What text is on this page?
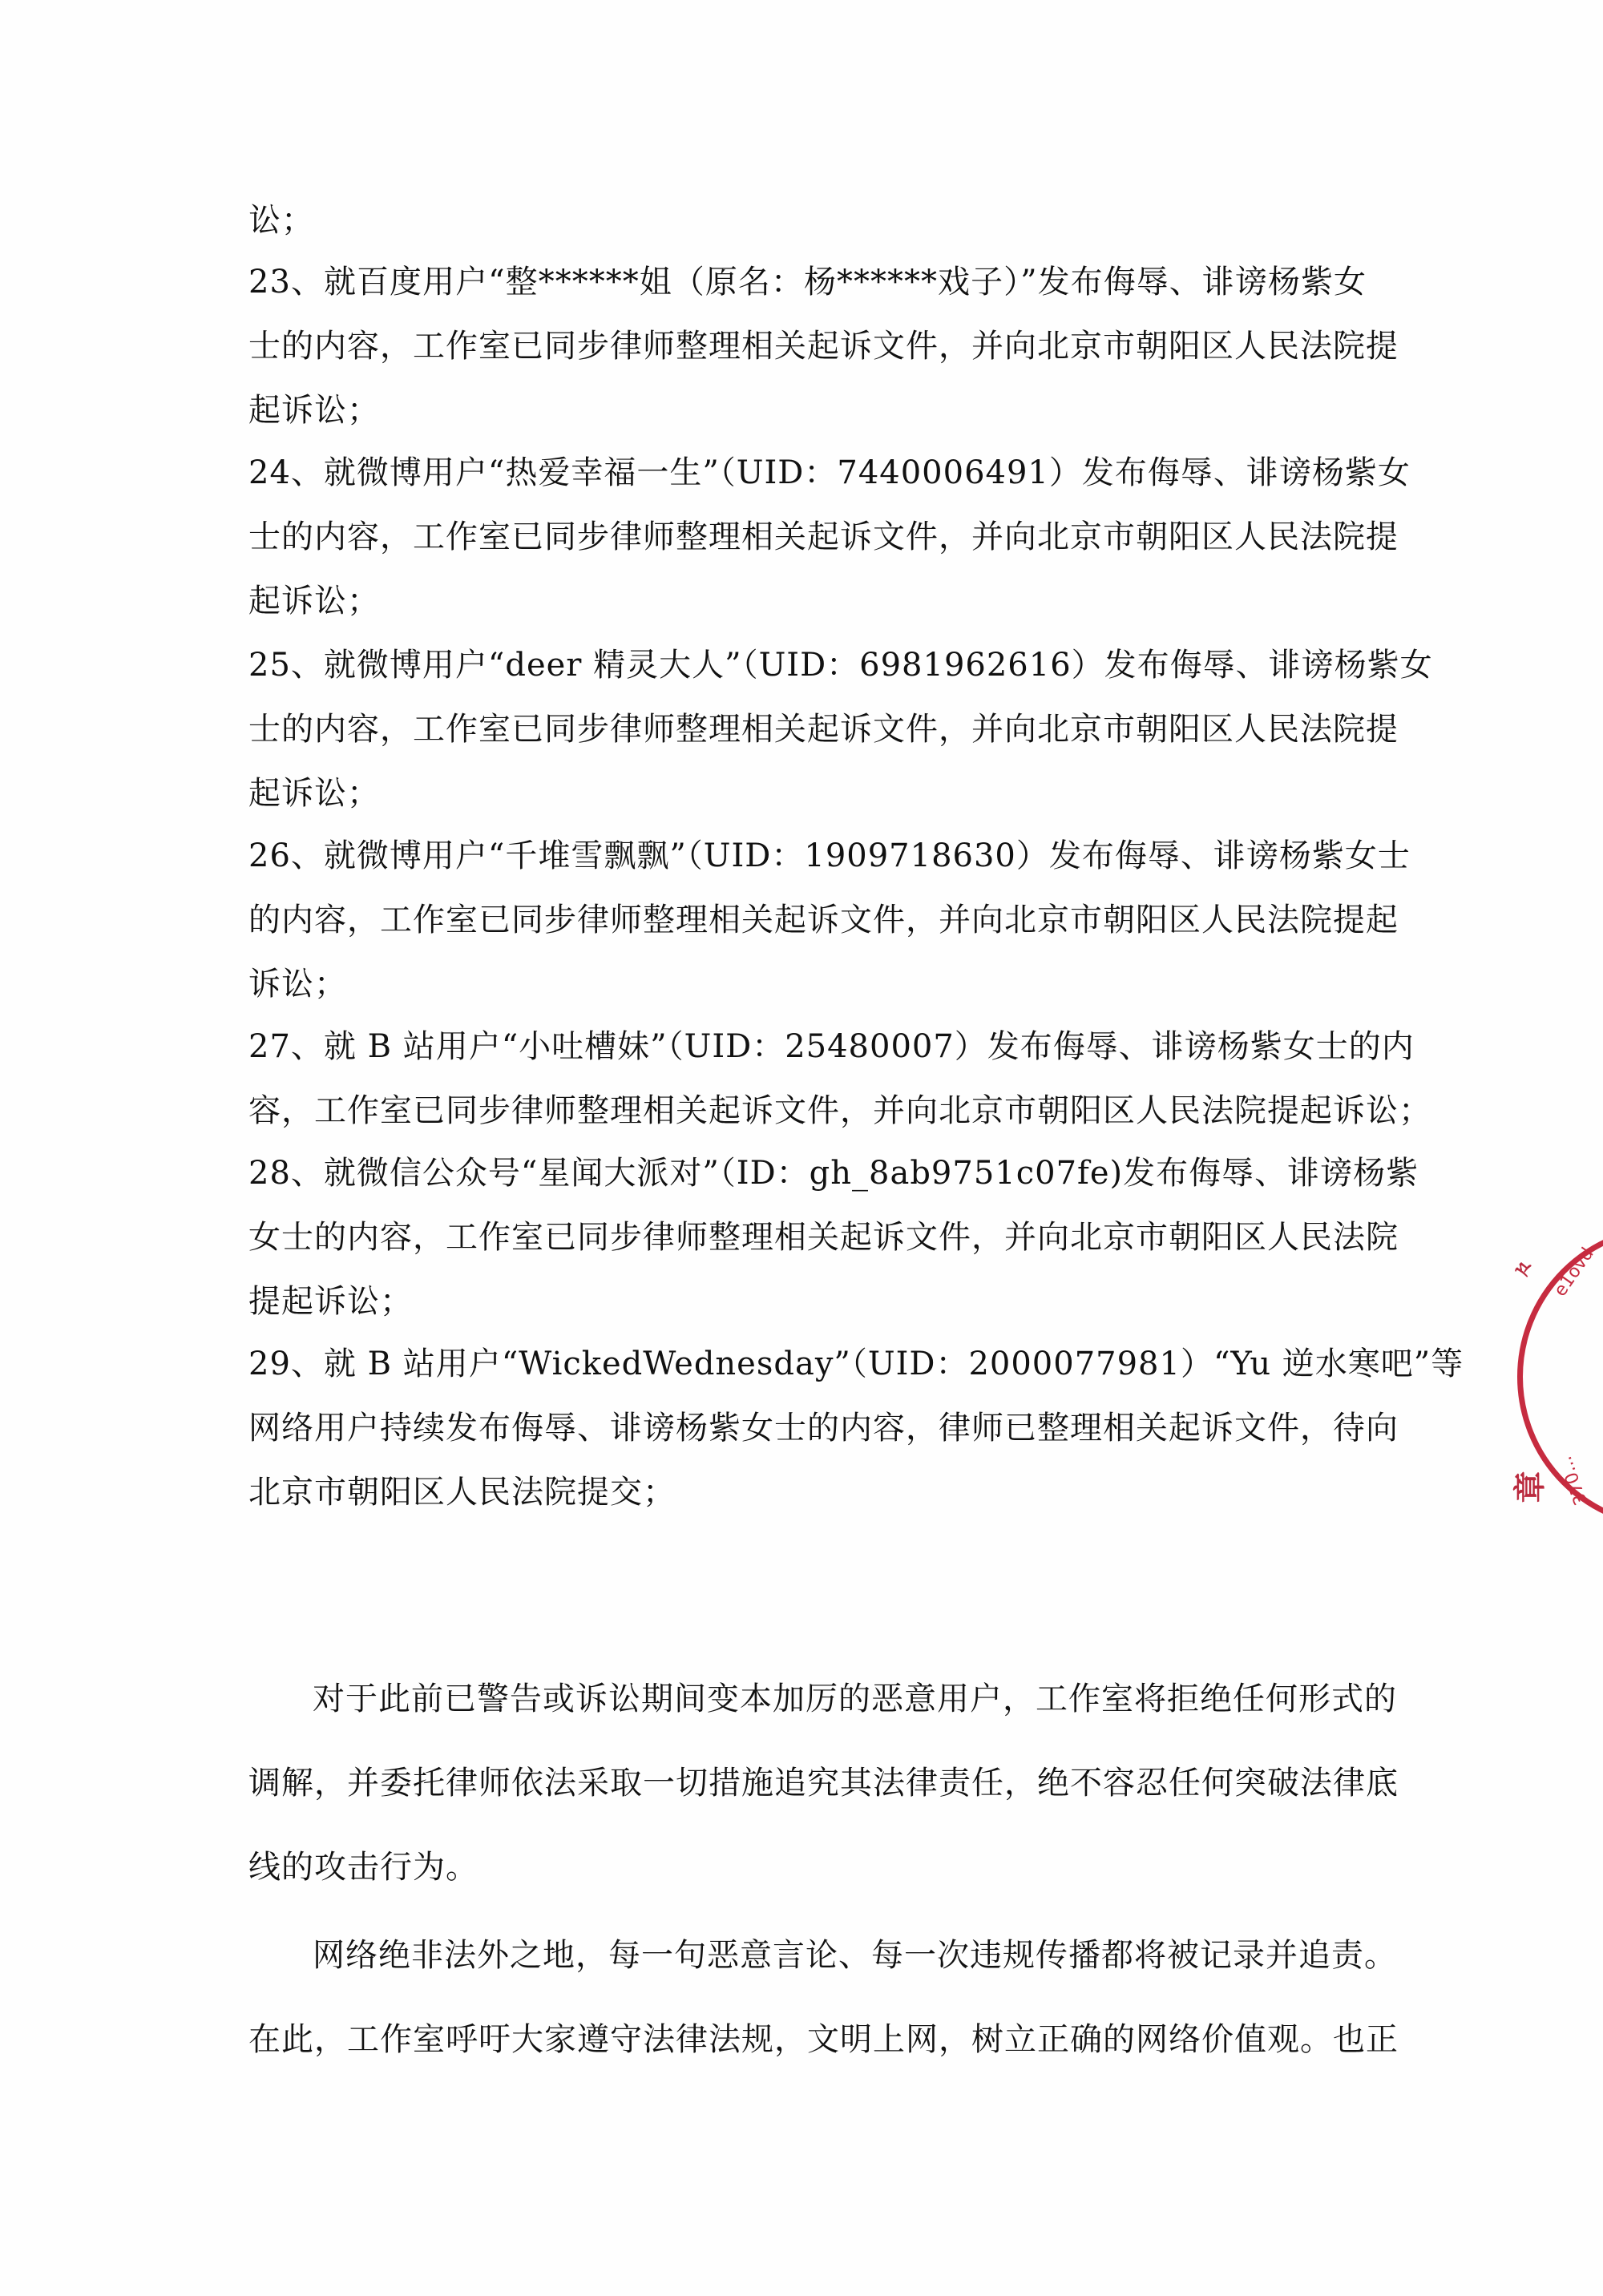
讼；
23、就百度用户“整******姐（原名：杨******戏子）”发布侮辱、诽谤杨紫女
士的内容，工作室已同步律师整理相关起诉文件，并向北京市朝阳区人民法院提
起诉讼；
24、就微博用户“热爱幸福一生”（UID：7440006491）发布侮辱、诽谤杨紫女
士的内容，工作室已同步律师整理相关起诉文件，并向北京市朝阳区人民法院提
起诉讼；
25、就微博用户“deer 精灵大人”（UID：6981962616）发布侮辱、诽谤杨紫女
士的内容，工作室已同步律师整理相关起诉文件，并向北京市朝阳区人民法院提
起诉讼；
26、就微博用户“千堆雪飘飘”（UID：1909718630）发布侮辱、诽谤杨紫女士
的内容，工作室已同步律师整理相关起诉文件，并向北京市朝阳区人民法院提起
诉讼；
27、就 B 站用户“小吐槽妹”（UID：25480007）发布侮辱、诽谤杨紫女士的内
容，工作室已同步律师整理相关起诉文件，并向北京市朝阳区人民法院提起诉讼；
28、就微信公众号“星闻大派对”（ID：gh_8ab9751c07fe)发布侮辱、诽谤杨紫
女士的内容，工作室已同步律师整理相关起诉文件，并向北京市朝阳区人民法院
提起诉讼；
29、就 B 站用户“WickedWednesday”（UID：2000077981）“Yu 逆水寒吧”等
网络用户持续发布侮辱、诽谤杨紫女士的内容，律师已整理相关起诉文件，待向
北京市朝阳区人民法院提交；
对于此前已警告或诉讼期间变本加厉的恶意用户，工作室将拒绝任何形式的
调解，并委托律师依法采取一切措施追究其法律责任，绝不容忍任何突破法律底
线的攻击行为。
网络绝非法外之地，每一句恶意言论、每一次违规传播都将被记录并追责。
在此，工作室呼吁大家遵守法律法规，文明上网，树立正确的网络价值观。也正
e1ovd
370...
章
々
